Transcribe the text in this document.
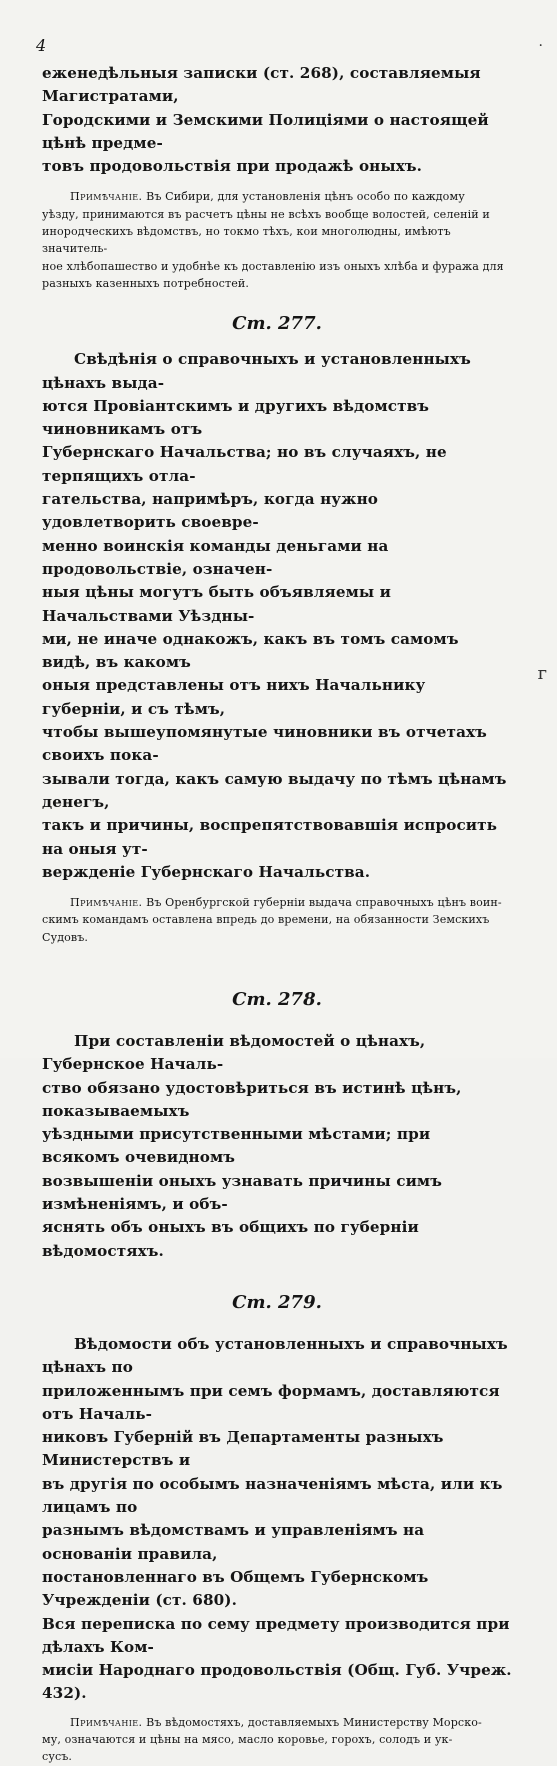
4	·
г

еженедѣльныя записки (ст. 268), составляемыя Магистратами,
Городскими и Земскими Полиціями о настоящей цѣнѣ предме-
товъ продовольствія при продажѣ оныхъ.

Примѣчаніе. Въ Сибири, для установленія цѣнъ особо по каждому
уѣзду, принимаются въ расчетъ цѣны не всѣхъ вообще волостей, селеній и
инородческихъ вѣдомствъ, но токмо тѣхъ, кои многолюдны, имѣютъ значитель-
ное хлѣбопашество и удобнѣе къ доставленію изъ оныхъ хлѣба и фуража для
разныхъ казенныхъ потребностей.

Ст. 277.

Свѣдѣнія о справочныхъ и установленныхъ цѣнахъ выда-
ются Провіантскимъ и другихъ вѣдомствъ чиновникамъ отъ
Губернскаго Начальства; но въ случаяхъ, не терпящихъ отла-
гательства, напримѣръ, когда нужно удовлетворить своевре-
менно воинскія команды деньгами на продовольствіе, означен-
ныя цѣны могутъ быть объявляемы и Начальствами Уѣздны-
ми, не иначе однакожъ, какъ въ томъ самомъ видѣ, въ какомъ
оныя представлены отъ нихъ Начальнику губерніи, и съ тѣмъ,
чтобы вышеупомянутые чиновники въ отчетахъ своихъ пока-
зывали тогда, какъ самую выдачу по тѣмъ цѣнамъ денегъ,
такъ и причины, воспрепятствовавшія испросить на оныя ут-
вержденіе Губернскаго Начальства.

Примѣчаніе. Въ Оренбургской губерніи выдача справочныхъ цѣнъ воин-
скимъ командамъ оставлена впредь до времени, на обязанности Земскихъ
Судовъ.

Ст. 278.

При составленіи вѣдомостей о цѣнахъ, Губернское Началь-
ство обязано удостовѣриться въ истинѣ цѣнъ, показываемыхъ
уѣздными присутственными мѣстами; при всякомъ очевидномъ
возвышеніи оныхъ узнавать причины симъ измѣненіямъ, и объ-
яснять объ оныхъ въ общихъ по губерніи вѣдомостяхъ.

Ст. 279.

Вѣдомости объ установленныхъ и справочныхъ цѣнахъ по
приложеннымъ при семъ формамъ, доставляются отъ Началь-
никовъ Губерній въ Департаменты разныхъ Министерствъ и
въ другія по особымъ назначеніямъ мѣста, или къ лицамъ по
разнымъ вѣдомствамъ и управленіямъ на основаніи правила,
постановленнаго въ Общемъ Губернскомъ Учрежденіи (ст. 680).
Вся переписка по сему предмету производится при дѣлахъ Ком-
мисіи Народнаго продовольствія (Общ. Губ. Учреж. 432).

Примѣчаніе. Въ вѣдомостяхъ, доставляемыхъ Министерству Морско-
му, означаются и цѣны на мясо, масло коровье, горохъ, солодъ и ук-
сусъ.
